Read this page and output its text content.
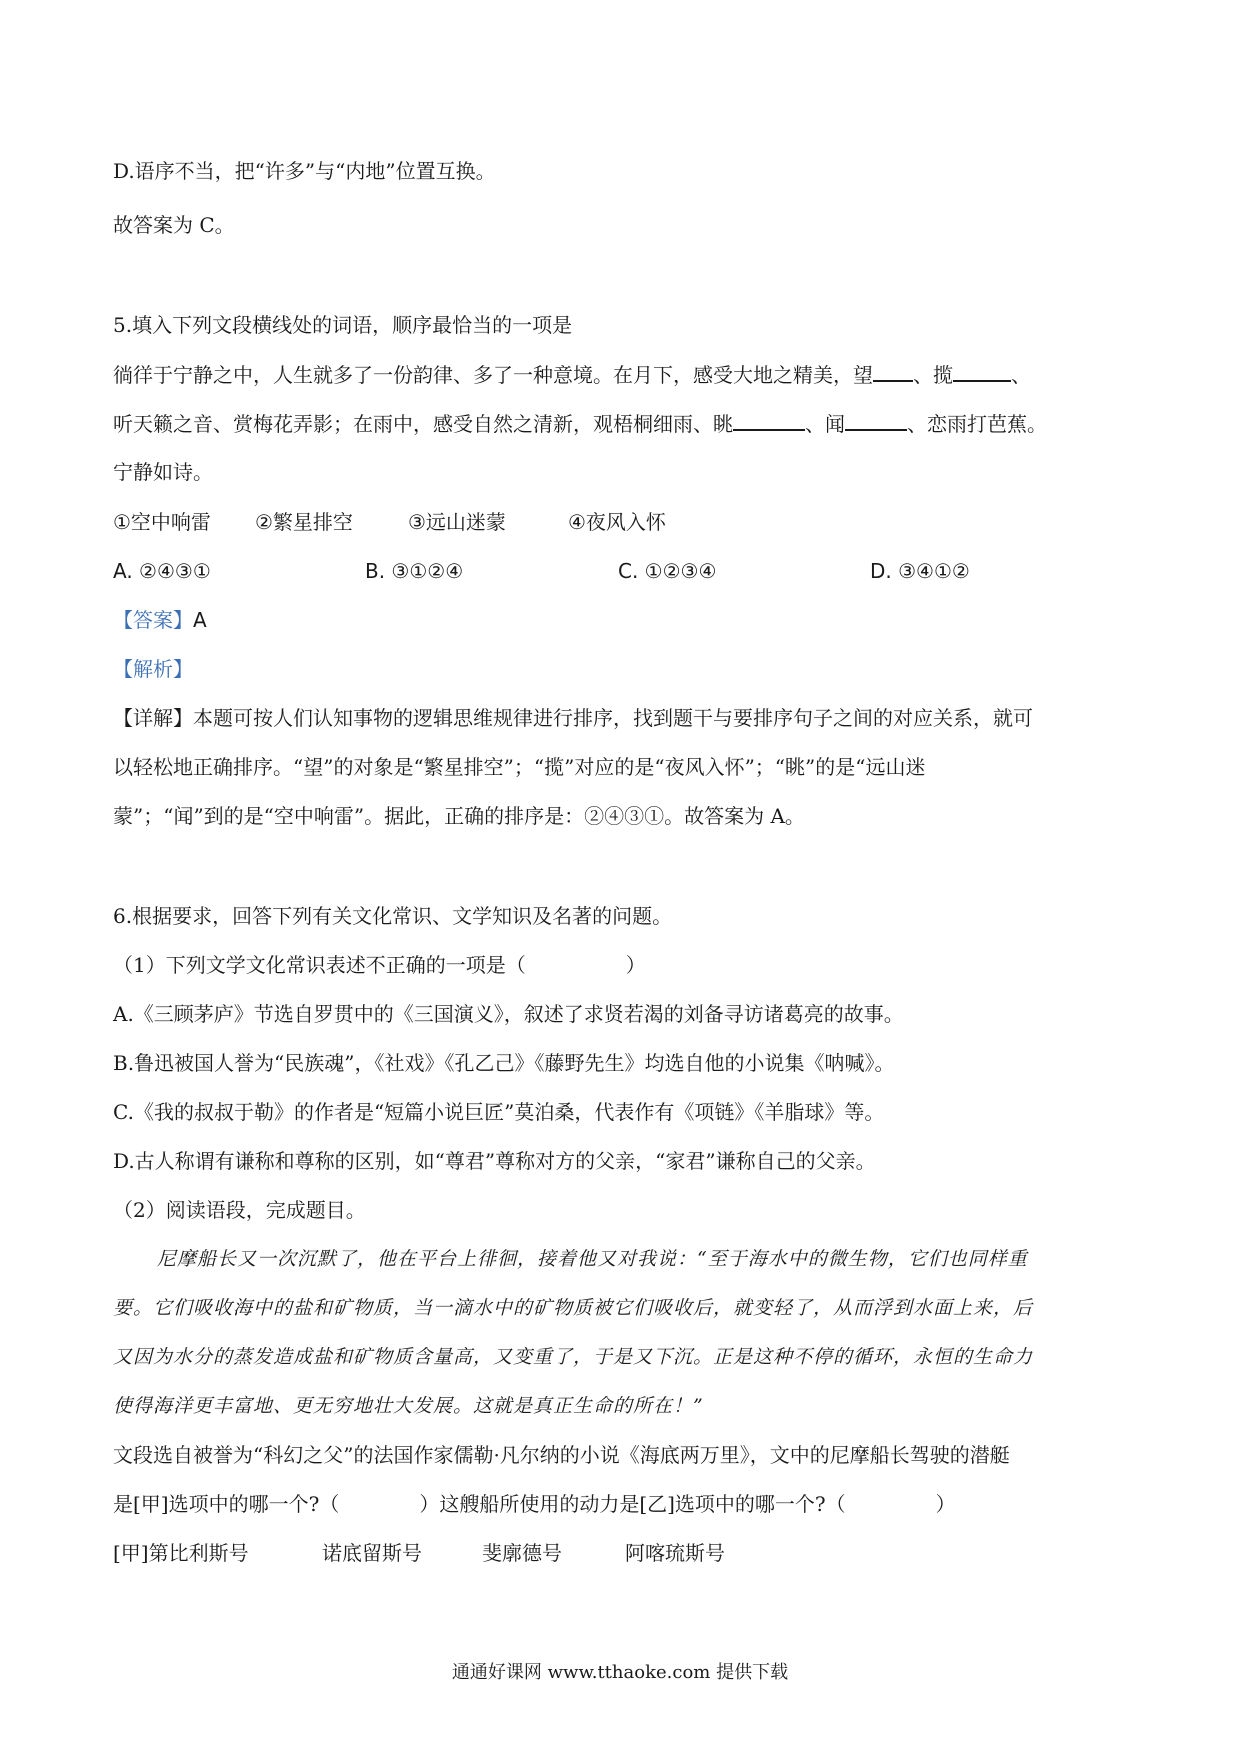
D.语序不当，把“许多”与“内地”位置互换。
故答案为 C。
5.填入下列文段横线处的词语，顺序最恰当的一项是
徜徉于宁静之中，人生就多了一份韵律、多了一种意境。在月下，感受大地之精美，望 、揽	、
听天籁之音、赏梅花弄影；在雨中，感受自然之清新，观梧桐细雨、眺	、闻	、恋雨打芭蕉。
宁静如诗。
①空中响雷 ②繁星排空	③远山迷蒙	④夜风入怀
A. ②④③①	B. ③①②④	C. ①②③④	D. ③④①②
【答案】A
【解析】
【详解】本题可按人们认知事物的逻辑思维规律进行排序，找到题干与要排序句子之间的对应关系，就可
以轻松地正确排序。“望”的对象是“繁星排空”；“揽”对应的是“夜风入怀”；“眺”的是“远山迷
蒙”；“闻”到的是“空中响雷”。据此，正确的排序是：②④③①。故答案为 A。
6.根据要求，回答下列有关文化常识、文学知识及名著的问题。
（1）下列文学文化常识表述不正确的一项是（	）
A.《三顾茅庐》节选自罗贯中的《三国演义》，叙述了求贤若渴的刘备寻访诸葛亮的故事。
B.鲁迅被国人誉为“民族魂”，《社戏》《孔乙己》《藤野先生》均选自他的小说集《呐喊》。
C.《我的叔叔于勒》的作者是“短篇小说巨匠”莫泊桑，代表作有《项链》《羊脂球》等。
D.古人称谓有谦称和尊称的区别，如“尊君”尊称对方的父亲，“家君”谦称自己的父亲。
（2）阅读语段，完成题目。
尼摩船长又一次沉默了，他在平台上徘徊，接着他又对我说：“至于海水中的微生物，它们也同样重
要。它们吸收海中的盐和矿物质，当一滴水中的矿物质被它们吸收后，就变轻了，从而浮到水面上来，后
又因为水分的蒸发造成盐和矿物质含量高，又变重了，于是又下沉。正是这种不停的循环，永恒的生命力
使得海洋更丰富地、更无穷地壮大发展。这就是真正生命的所在！”
文段选自被誉为“科幻之父”的法国作家儒勒·凡尔纳的小说《海底两万里》，文中的尼摩船长驾驶的潜艇
是[甲]选项中的哪一个?（	）这艘船所使用的动力是[乙]选项中的哪一个?（	）
[甲]第比利斯号	诺底留斯号	斐廓德号	阿喀琉斯号
通通好课网 www.tthaoke.com 提供下载
